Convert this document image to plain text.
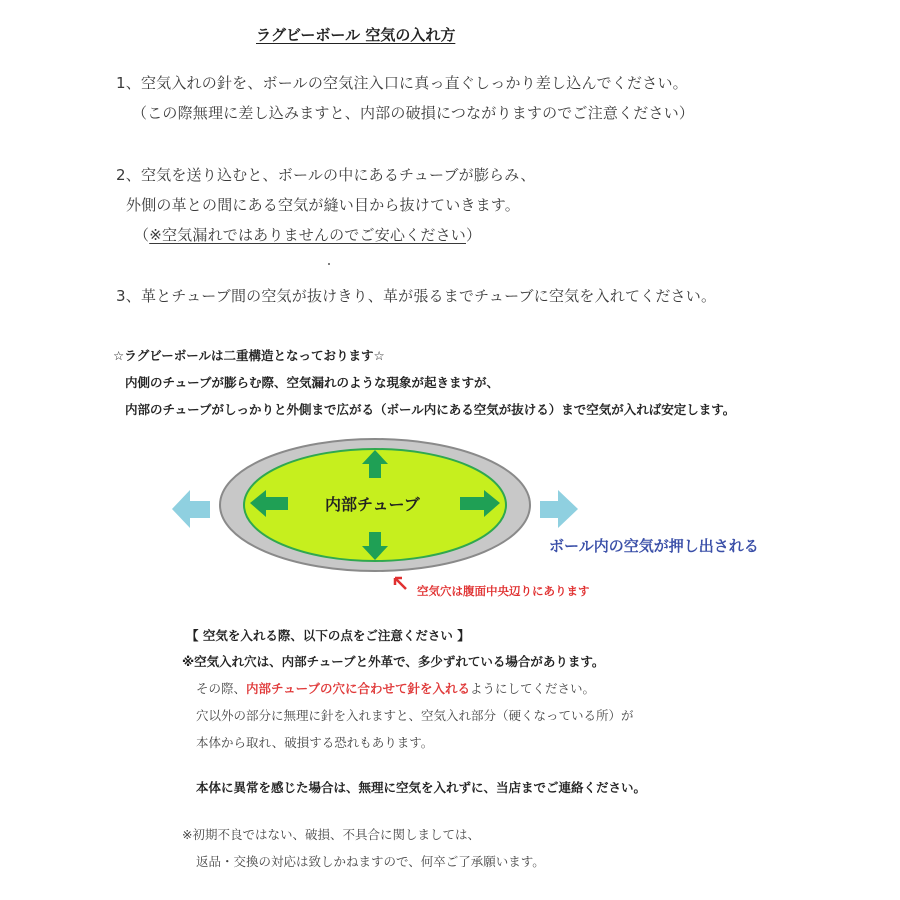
ラグビーボール 空気の入れ方
1、空気入れの針を、ボールの空気注入口に真っ直ぐしっかり差し込んでください。
（この際無理に差し込みますと、内部の破損につながりますのでご注意ください）
2、空気を送り込むと、ボールの中にあるチューブが膨らみ、
外側の革との間にある空気が縫い目から抜けていきます。
（※空気漏れではありませんのでご安心ください）
3、革とチューブ間の空気が抜けきり、革が張るまでチューブに空気を入れてください。
☆ラグビーボールは二重構造となっております☆
内側のチューブが膨らむ際、空気漏れのような現象が起きますが、
内部のチューブがしっかりと外側まで広がる（ボール内にある空気が抜ける）まで空気が入れば安定します。
内部チューブ
ボール内の空気が押し出される
空気穴は腹面中央辺りにあります
【 空気を入れる際、以下の点をご注意ください 】
※空気入れ穴は、内部チューブと外革で、多少ずれている場合があります。
その際、内部チューブの穴に合わせて針を入れるようにしてください。
穴以外の部分に無理に針を入れますと、空気入れ部分（硬くなっている所）が
本体から取れ、破損する恐れもあります。
本体に異常を感じた場合は、無理に空気を入れずに、当店までご連絡ください。
※初期不良ではない、破損、不具合に関しましては、
返品・交換の対応は致しかねますので、何卒ご了承願います。
